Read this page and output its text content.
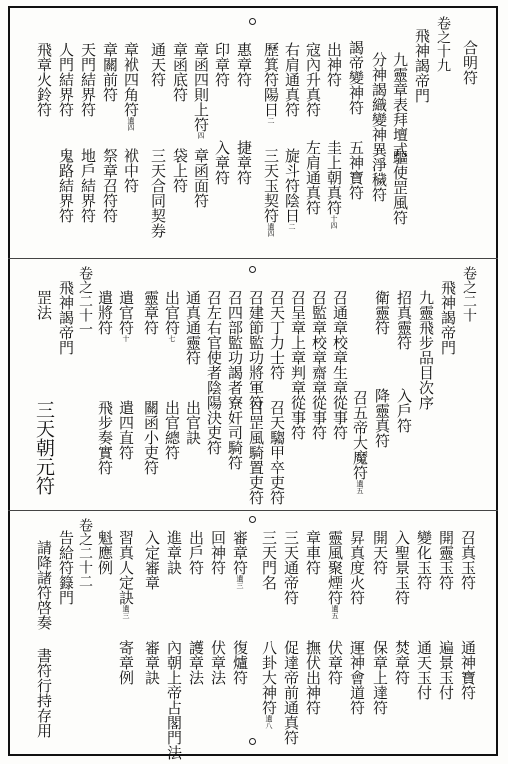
合明符
卷之十九
飛神謁帝門
九靈章表拜壇式
驅使罡風符
分神謁織變神異淨穢符
謁帝變神符
五神寶符
出神符
圭上朝真符十四
寇內升真符
左肩通真符
右肩通真符
旋斗符陰日二
歷箕符陽日二
三天玉契符遺四
惠章符
捷章符
印章符
入章符
章函四則上符四
章函面符
章函底符
袋上符
通天符
三天合同契券
章袱四角符遺四
袱中符
章關前符
祭章召符符
天門結界符
地戶結界符
人門結界符
鬼路結界符
飛章火鈴符
卷之二十
飛神謁帝門
九靈飛步品目次序
招真靈符
入戶符
衛靈符
降靈真符
召五帝大魔符遺五
召通章校章生章從事符
召監章校章齋章從事符
召呈章上章判章從事符
召天丁力士符
召天騶甲卒吏符
召建節監功將軍符
召罡風騎置吏符
召四部監功謁者寮奸司騎符
召左右官使者陰陽決吏符
通真通靈符
出官訣
出官符七
出官總符
靈章符
關函小吏符
遣官符十
遣四直符
遣將符
飛步奏實符
卷之二十一
飛神謁帝門
罡法
三天朝元符
召真玉符
通神寶符
開靈玉符
遍景玉付
變化玉符
通天玉付
入聖景玉符
焚章符
開天符
保章上達符
昇真度火符
運神會道符
靈風聚煙符遺五
伏章符
章車符
撫伏出神符
三天通帝符
促達帝前通真符
三天門名
八卦大神符遺八
審章符遺三
復爐符
回神符
伏章法
出戶符
護章法
進章訣
內朝上帝占閣門法
入定審章
審章訣
習真人定訣遺三
寄章例
魁應例
卷之二十二
告給符籙門
請降諸符啓奏
書符行持存用
